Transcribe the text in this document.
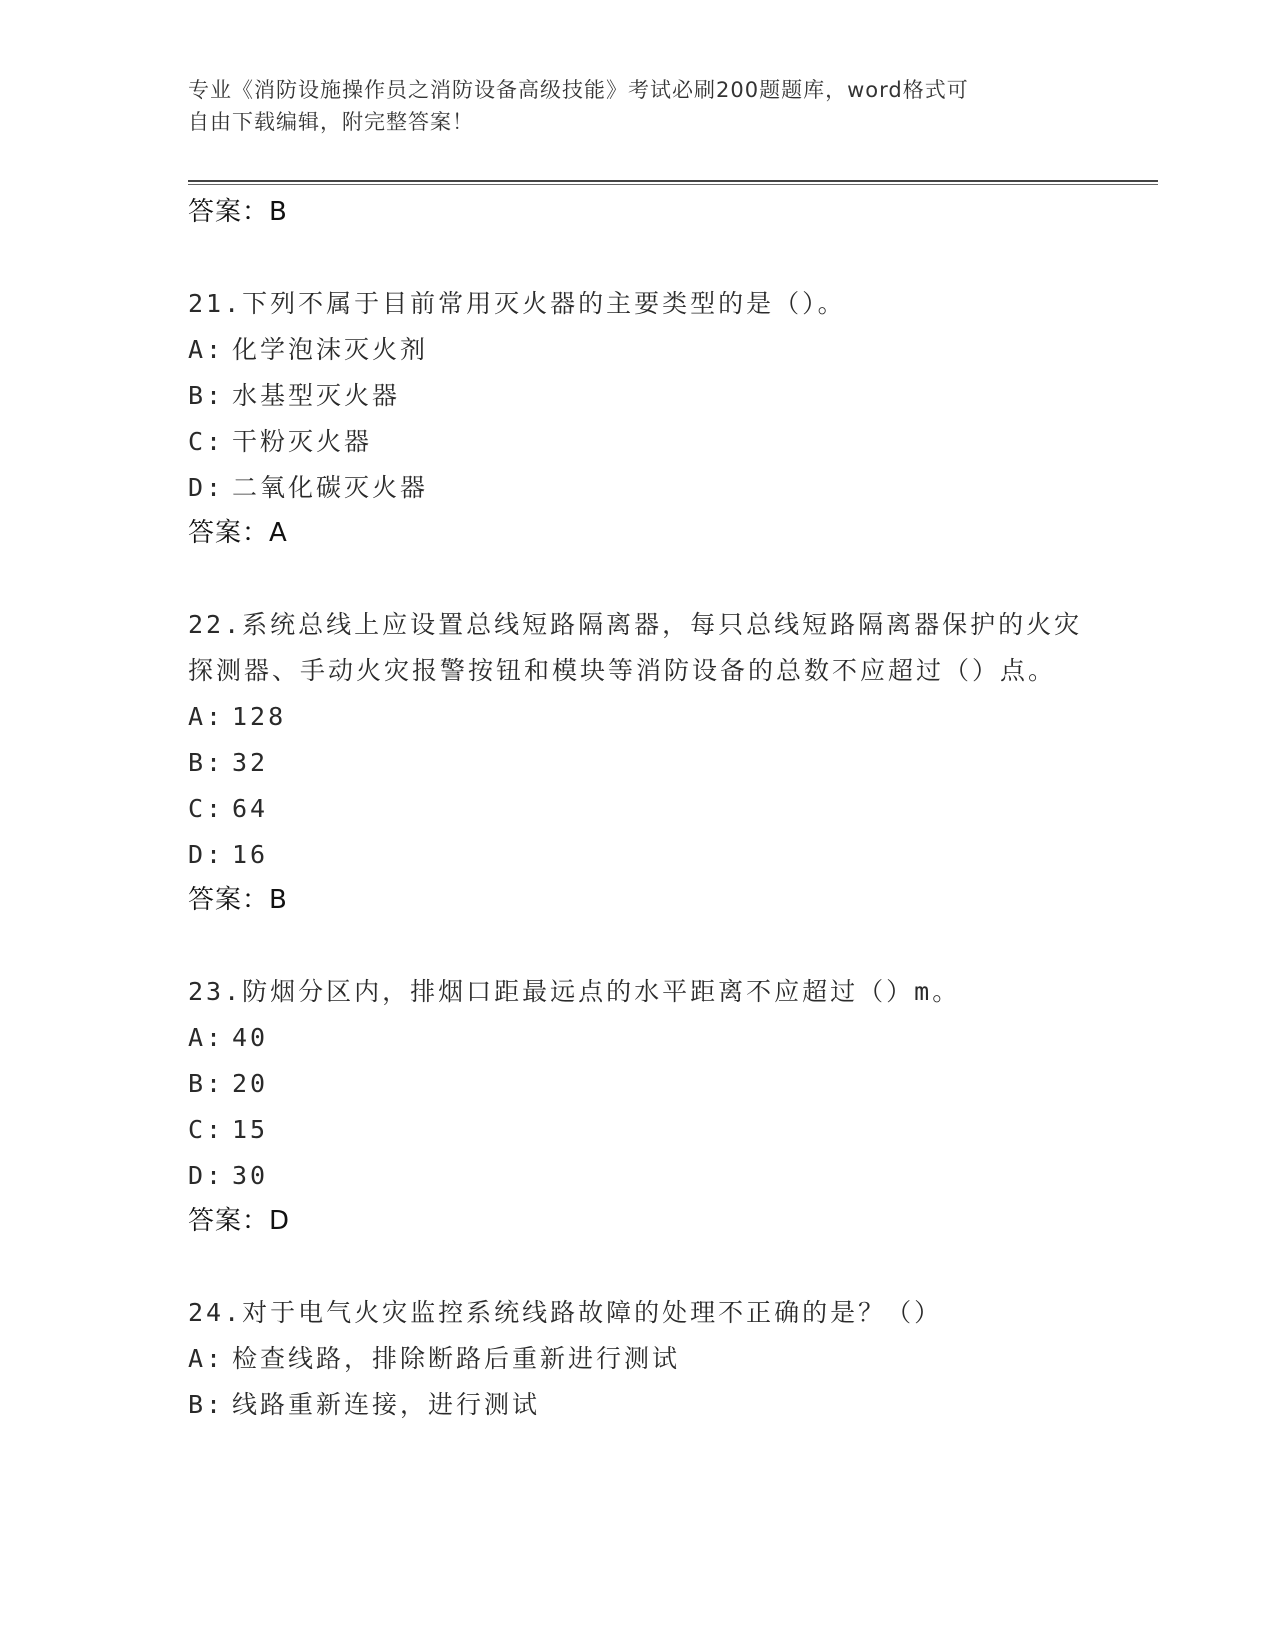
专业《消防设施操作员之消防设备高级技能》考试必刷200题题库，word格式可
自由下载编辑，附完整答案！
答案：B
21.下列不属于目前常用灭火器的主要类型的是（）。
A: 化学泡沫灭火剂
B: 水基型灭火器
C: 干粉灭火器
D: 二氧化碳灭火器
答案：A
22.系统总线上应设置总线短路隔离器，每只总线短路隔离器保护的火灾探测器、手动火灾报警按钮和模块等消防设备的总数不应超过（）点。
A: 128
B: 32
C: 64
D: 16
答案：B
23.防烟分区内，排烟口距最远点的水平距离不应超过（）m。
A: 40
B: 20
C: 15
D: 30
答案：D
24.对于电气火灾监控系统线路故障的处理不正确的是？（）
A: 检查线路，排除断路后重新进行测试
B: 线路重新连接，进行测试
